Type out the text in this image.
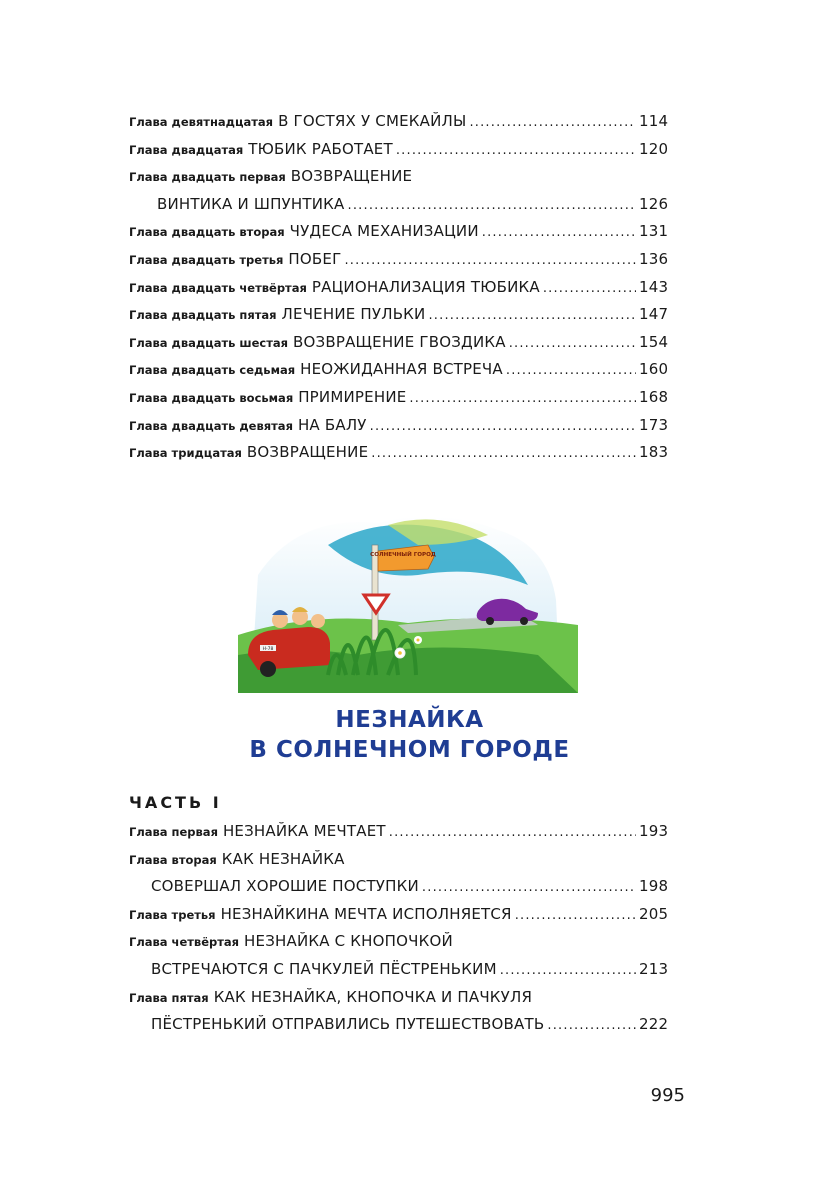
Глава девятнадцатая В ГОСТЯХ У СМЕКАЙЛЫ .....	114
Глава двадцатая ТЮБИК РАБОТАЕТ .....	120
Глава двадцать первая ВОЗВРАЩЕНИЕ
ВИНТИКА И ШПУНТИКА .....	126
Глава двадцать вторая ЧУДЕСА МЕХАНИЗАЦИИ .....	131
Глава двадцать третья ПОБЕГ .....	136
Глава двадцать четвёртая РАЦИОНАЛИЗАЦИЯ ТЮБИКА .....	143
Глава двадцать пятая ЛЕЧЕНИЕ ПУЛЬКИ .....	147
Глава двадцать шестая ВОЗВРАЩЕНИЕ ГВОЗДИКА .....	154
Глава двадцать седьмая НЕОЖИДАННАЯ ВСТРЕЧА .....	160
Глава двадцать восьмая ПРИМИРЕНИЕ .....	168
Глава двадцать девятая НА БАЛУ .....	173
Глава тридцатая ВОЗВРАЩЕНИЕ .....	183
СОЛНЕЧНЫЙ ГОРОД
Н-78
НЕЗНАЙКА
В СОЛНЕЧНОМ ГОРОДЕ
ЧАСТЬ I
Глава первая НЕЗНАЙКА МЕЧТАЕТ .....	193
Глава вторая КАК НЕЗНАЙКА
СОВЕРШАЛ ХОРОШИЕ ПОСТУПКИ .....	198
Глава третья НЕЗНАЙКИНА МЕЧТА ИСПОЛНЯЕТСЯ .....	205
Глава четвёртая НЕЗНАЙКА С КНОПОЧКОЙ
ВСТРЕЧАЮТСЯ С ПАЧКУЛЕЙ ПЁСТРЕНЬКИМ .....	213
Глава пятая КАК НЕЗНАЙКА, КНОПОЧКА И ПАЧКУЛЯ
ПЁСТРЕНЬКИЙ ОТПРАВИЛИСЬ ПУТЕШЕСТВОВАТЬ .....	222
995
